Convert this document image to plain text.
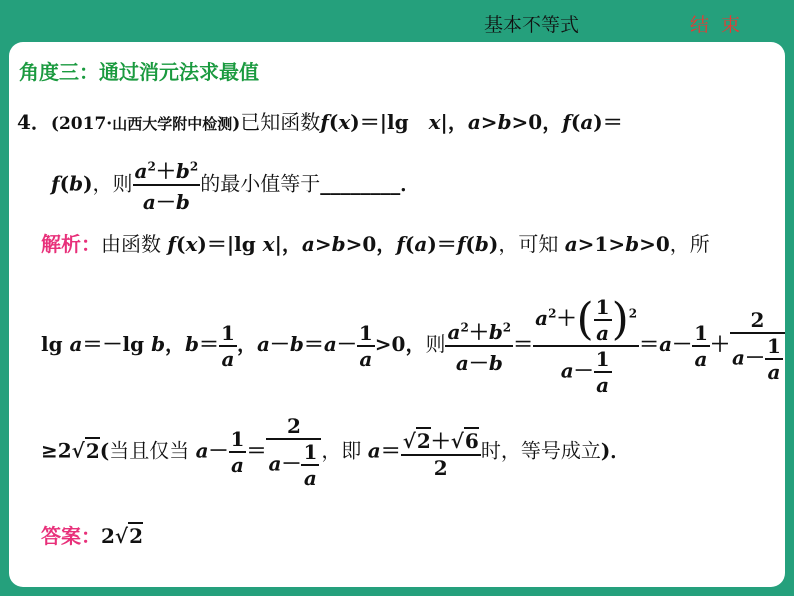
基本不等式	结束
角度三：通过消元法求最值
4．(2017·山西大学附中检测)已知函数f(x)＝|lg　x|，a>b>0，f(a)＝
f(b)，则 $\frac{a^2+b^2}{a-b}$ 的最小值等于________．
解析：由函数 f(x)＝|lg x|，a>b>0，f(a)＝f(b)，可知 a>1>b>0，所
lg a＝－lg b，$b= \frac{1}{a}$ ，$a-b=a- \frac{1}{a} >0$，则 $\frac{a^2+b^2}{a-b} = \frac{a^2+( \frac{1}{a} )^2}{a- \frac{1}{a}} =a- \frac{1}{a} + \frac{2}{a- \frac{1}{a}}$
≥2√2(当且仅当 $a- \frac{1}{a} = \frac{2}{a- \frac{1}{a}}$ ，即 $a= \frac{√2+√6}{2}$ 时，等号成立)．
答案：2√2
